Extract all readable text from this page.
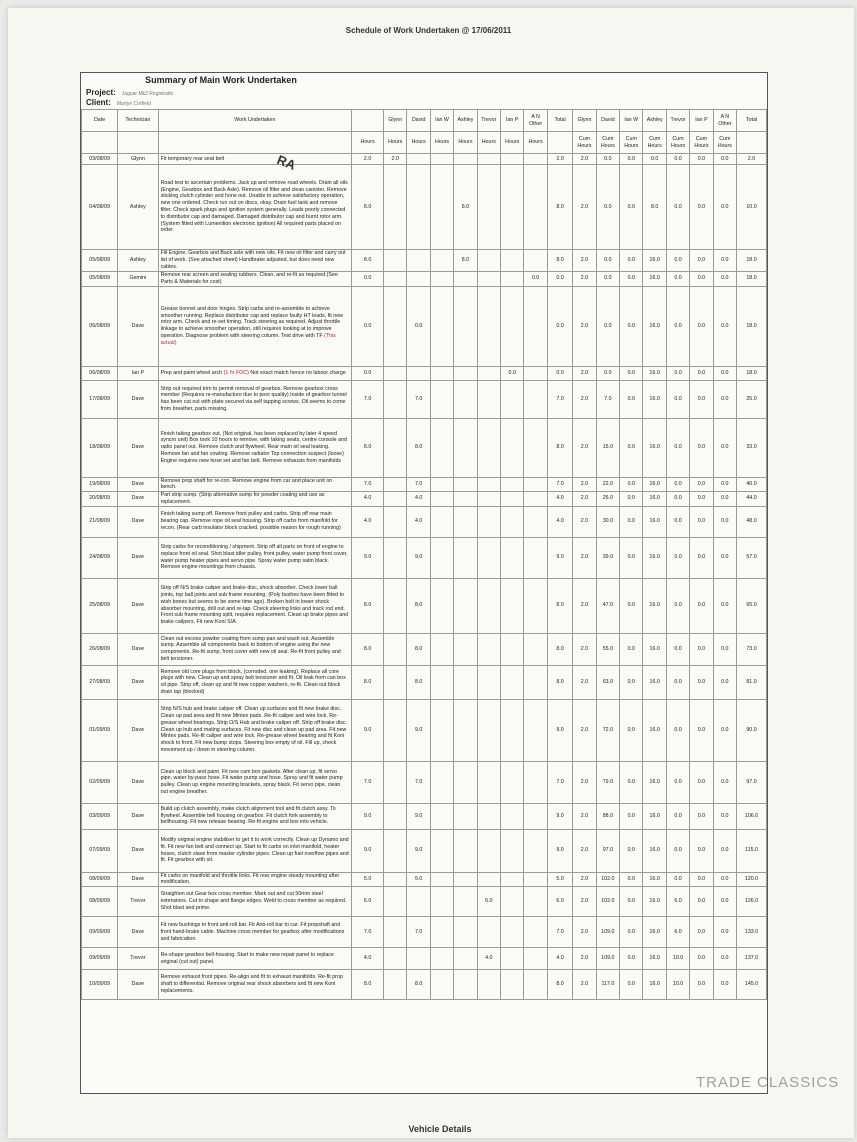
Schedule of Work Undertaken @ 17/06/2011
Summary of Main Work Undertaken
Project: Jaguar Mk2 Registratio
Client: Martyn Corfield
Date	Technician	Work Undertaken		Glynn	David	Ian W	Ashley	Trevor	Ian P	A N Other	Total	Glynn	David	Ian W	Ashley	Trevor	Ian P	A N Other	Total
			Hours	Hours	Hours	Hours	Hours	Hours	Hours	Hours		Cum Hours	Cum Hours	Cum Hours	Cum Hours	Cum Hours	Cum Hours	Cum Hours	
03/08/09	Glynn	Fit temporary rear seat belt	2.0	2.0							2.0	2.0	0.0	0.0	0.0	0.0	0.0	0.0	2.0
04/08/09	Ashley	Road test to ascertain problems. Jack up and remove road wheels. Drain all oils (Engine, Gearbox and Back Axle). Remove oil filter and clean canister. Remove sticking clutch cylinder and hone out. Unable to achieve satisfactory operation, new one ordered. Check run out on discs, okay. Drain fuel tank and remove filter. Check spark plugs and ignition system generally. Leads poorly connected to distributor cap and damaged. Damaged distributor cap and burnt rotor arm. (System fitted with Lumenition electronic ignition) All required parts placed on order.	8.0				8.0				8.0	2.0	0.0	0.0	8.0	0.0	0.0	0.0	10.0
05/08/09	Ashley	Fill Engine, Gearbox and Back axle with new oils. Fit new oil filter and carry out list of work. (See attached sheet) Handbrake adjusted, but does need new cables.	8.0				8.0				8.0	2.0	0.0	0.0	16.0	0.0	0.0	0.0	18.0
05/08/09	Gemini	Remove rear screen and sealing rubbers. Clean, and re-fit as required.(See Parts & Materials for cost)	0.0							0.0	0.0	2.0	0.0	0.0	16.0	0.0	0.0	0.0	18.0
06/08/09	Dave	Grease bonnet and door hinges. Strip carbs and re-assemble to achieve smoother running. Replace distributor cap and replace faulty HT leads, fit new rotor arm. Check and re-set timing. Track steering as required. Adjust throttle linkage to achieve smoother operation, still requires looking at to improve operation. Diagnose problem with steering column. Test drive with TF (This actual)	0.0		0.0						0.0	2.0	0.0	0.0	16.0	0.0	0.0	0.0	18.0
06/08/09	Ian P	Prep and paint wheel arch (1 hr FOC) Not exact match hence no labour charge	0.0						0.0		0.0	2.0	0.0	0.0	16.0	0.0	0.0	0.0	18.0
17/08/09	Dave	Strip out required trim to permit removal of gearbox. Remove gearbox cross member (Requires re-manufacture due to poor quality) Inside of gearbox tunnel has been cut out with plate secured via self tapping screws. Oil seems to come from breather, parts missing.	7.0		7.0						7.0	2.0	7.0	0.0	16.0	0.0	0.0	0.0	25.0
18/08/09	Dave	Finish taking gearbox out, (Not original, has been replaced by later 4 speed syncro unit) Box took 10 hours to remove, with taking seats, centre console and radio panel out. Remove clutch and flywheel. Rear main oil seal leaking. Remove fan and fan cowling. Remove radiator Top connection suspect (loose) Engine requires new hose set and fan belt. Remove exhausts from manifolds	8.0		8.0						8.0	2.0	15.0	0.0	16.0	0.0	0.0	0.0	33.0
19/08/09	Dave	Remove prop shaft for re-con. Remove engine from car and place unit on bench.	7.0		7.0						7.0	2.0	22.0	0.0	16.0	0.0	0.0	0.0	40.0
20/08/09	Dave	Part strip sump. (Strip alternative sump for powder coating and use as replacement.	4.0		4.0						4.0	2.0	26.0	0.0	16.0	0.0	0.0	0.0	44.0
21/08/09	Dave	Finish taking sump off. Remove front pulley and carbs. Strip off rear main bearing cap. Remove rope oil seal housing. Strip off carbs from manifold for recon. (Rear carb insulator block cracked, possible reason for rough running)	4.0		4.0						4.0	2.0	30.0	0.0	16.0	0.0	0.0	0.0	48.0
24/08/09	Dave	Strip carbs for reconditioning / shipment. Strip off all parts on front of engine to replace front oil seal. Shot blast idler pulley, front pulley, water pump front cover, water pump heater pipes and servo pipe. Spray water pump satin black. Remove engine mountings from chassis.	9.0		9.0						9.0	2.0	39.0	0.0	16.0	0.0	0.0	0.0	57.0
25/08/09	Dave	Strip off N/S brake caliper and brake disc, shock absorber. Check lower ball joints, top ball joints and sub frame mounting. (Poly bushes have been fitted to wish bones but seems to be some time ago). Broken bolt in lower shock absorber mounting, drill out and re-tap. Check steering links and track rod end. Front sub frame mounting split, requires replacement. Clean up brake pipes and brake calipers. Fit new Koni S/A.	8.0		8.0						8.0	2.0	47.0	0.0	16.0	0.0	0.0	0.0	65.0
26/08/09	Dave	Clean out excess powder coating from sump pan and wash out. Assemble sump. Assemble all components back to bottom of engine using the new components. Re-fit sump, front cover with new oil seal. Re-fit front pulley and belt tensioner.	8.0		8.0						8.0	2.0	55.0	0.0	16.0	0.0	0.0	0.0	73.0
27/08/09	Dave	Remove old core plugs from block, (corroded, one leaking). Replace all core plugs with new. Clean up and spray belt tensioner and fit. Oil leak from can box oil pipe. Strip off, clean up and fit new copper washers, re-fit. Clean out block drain tap (blocked)	8.0		8.0						8.0	2.0	63.0	0.0	16.0	0.0	0.0	0.0	81.0
01/09/09	Dave	Strip N/S hub and brake caliper off. Clean up surfaces and fit new brake disc. Clean up pad area and fit new Mintex pads. Re-fit caliper and wire lock. Re-grease wheel bearings. Strip O/S Hub and brake caliper off. Strip off brake disc. Clean up hub and mating surfaces. Fit new disc and clean up pad area. Fit new Mintex pads. Re-fit caliper and wire lock. Re-grease wheel bearing and fit Koni shock to front. Fit new bump stops. Steering box empty of oil. Fill up, check movement up / down in steering column.	9.0		9.0						9.0	2.0	72.0	0.0	16.0	0.0	0.0	0.0	90.0
02/09/09	Dave	Clean up block and paint. Fit new cam box gaskets. After clean up, fit servo pipe, water by-pass hose. Fit water pump and hose. Spray and fit water pump pulley. Clean up engine mounting brackets, spray black. Fit servo pipe, clean out engine breather.	7.0		7.0						7.0	2.0	79.0	0.0	16.0	0.0	0.0	0.0	97.0
03/09/09	Dave	Build up clutch assembly, make clutch alignment tool and fit clutch assy. To flywheel. Assemble bell housing on gearbox. Fit clutch fork assembly to bellhousing. Fit new release bearing. Re-fit engine and box into vehicle.	9.0		9.0						9.0	2.0	88.0	0.0	16.0	0.0	0.0	0.0	106.0
07/09/09	Dave	Modify original engine stabiliser to get it to work correctly. Clean up Dynamo and fit. Fit new fan belt and connect up. Start to fit carbs on inlet manifold, heater hoses, clutch slave from master cylinder pipes. Clean up fuel overflow pipes and fit. Fit gearbox with oil.	9.0		9.0						9.0	2.0	97.0	0.0	16.0	0.0	0.0	0.0	115.0
08/09/09	Dave	Fit carbs on manifold and throttle links. Fit rear engine steady mounting after modification.	5.0		5.0						5.0	2.0	102.0	0.0	16.0	0.0	0.0	0.0	120.0
08/09/09	Trevor	Straighten out Gear box cross member. Mark out and cut 50mm steel extensions. Cut to shape and flange edges. Weld to cross member as required. Shot blast and prime.	6.0					6.0			6.0	2.0	102.0	0.0	16.0	6.0	0.0	0.0	126.0
09/09/09	Dave	Fit new bushings to front anti-roll bar. Fit Anti-roll bar to car. Fit propshaft and front hand-brake cable. Machine cross member for gearbox after modifications and fabrication.	7.0		7.0						7.0	2.0	109.0	0.0	16.0	6.0	0.0	0.0	133.0
09/09/09	Trevor	Re-shape gearbox bell-housing. Start to make new repair panel to replace original (cut out) panel.	4.0					4.0			4.0	2.0	109.0	0.0	16.0	10.0	0.0	0.0	137.0
10/09/09	Dave	Remove exhaust front pipes. Re-align and fit to exhaust manifolds. Re-fit prop shaft to differential. Remove original rear shock absorbers and fit new Koni replacements.	8.0		8.0						8.0	2.0	117.0	0.0	16.0	10.0	0.0	0.0	145.0
RA
Vehicle Details
TRADE CLASSICS
